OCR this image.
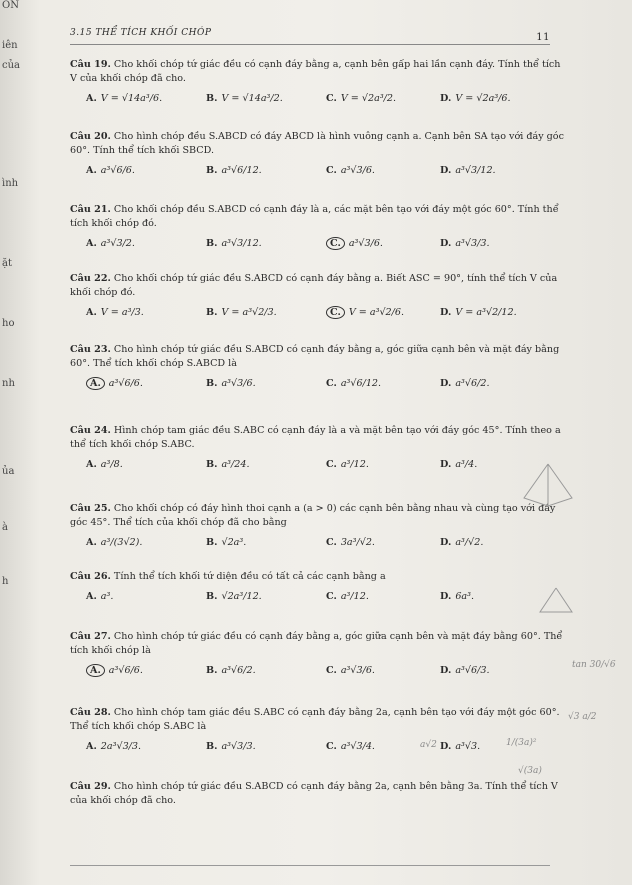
ÔN
iên
của
ình
ặt
ho
nh
ủa
à
h
3.15 THỂ TÍCH KHỐI CHÓP	11

Câu 19. Cho khối chóp tứ giác đều có cạnh đáy bằng a, cạnh bên gấp hai lần cạnh đáy. Tính thể tích V của khối chóp đã cho.

A. V = √14a³/6.	B. V = √14a³/2.	C. V = √2a³/2.	D. V = √2a³/6.

Câu 20. Cho hình chóp đều S.ABCD có đáy ABCD là hình vuông cạnh a. Cạnh bên SA tạo với đáy góc 60°. Tính thể tích khối SBCD.

A. a³√6/6.	B. a³√6/12.	C. a³√3/6.	D. a³√3/12.

Câu 21. Cho khối chóp đều S.ABCD có cạnh đáy là a, các mặt bên tạo với đáy một góc 60°. Tính thể tích khối chóp đó.

A. a³√3/2.	B. a³√3/12.	C. a³√3/6.	D. a³√3/3.

Câu 22. Cho khối chóp tứ giác đều S.ABCD có cạnh đáy bằng a. Biết ASC = 90°, tính thể tích V của khối chóp đó.

A. V = a³/3.	B. V = a³√2/3.	C. V = a³√2/6.	D. V = a³√2/12.

Câu 23. Cho hình chóp tứ giác đều S.ABCD có cạnh đáy bằng a, góc giữa cạnh bên và mặt đáy bằng 60°. Thể tích khối chóp S.ABCD là

A. a³√6/6.	B. a³√3/6.	C. a³√6/12.	D. a³√6/2.

Câu 24. Hình chóp tam giác đều S.ABC có cạnh đáy là a và mặt bên tạo với đáy góc 45°. Tính theo a thể tích khối chóp S.ABC.

A. a³/8.	B. a³/24.	C. a³/12.	D. a³/4.

Câu 25. Cho khối chóp có đáy hình thoi cạnh a (a > 0) các cạnh bên bằng nhau và cùng tạo với đáy góc 45°. Thể tích của khối chóp đã cho bằng

A. a³/(3√2).	B. √2a³.	C. 3a³/√2.	D. a³/√2.

Câu 26. Tính thể tích khối tứ diện đều có tất cả các cạnh bằng a

A. a³.	B. √2a³/12.	C. a³/12.	D. 6a³.

Câu 27. Cho hình chóp tứ giác đều có cạnh đáy bằng a, góc giữa cạnh bên và mặt đáy bằng 60°. Thể tích khối chóp là

A. a³√6/6.	B. a³√6/2.	C. a³√3/6.	D. a³√6/3.

Câu 28. Cho hình chóp tam giác đều S.ABC có cạnh đáy bằng 2a, cạnh bên tạo với đáy một góc 60°. Thể tích khối chóp S.ABC là

A. 2a³√3/3.	B. a³√3/3.	C. a³√3/4.	D. a³√3.

Câu 29. Cho hình chóp tứ giác đều S.ABCD có cạnh đáy bằng 2a, cạnh bên bằng 3a. Tính thể tích V của khối chóp đã cho.

tan 30/√6
√3 a/2
1/(3a)²
a√2
√(3a)
